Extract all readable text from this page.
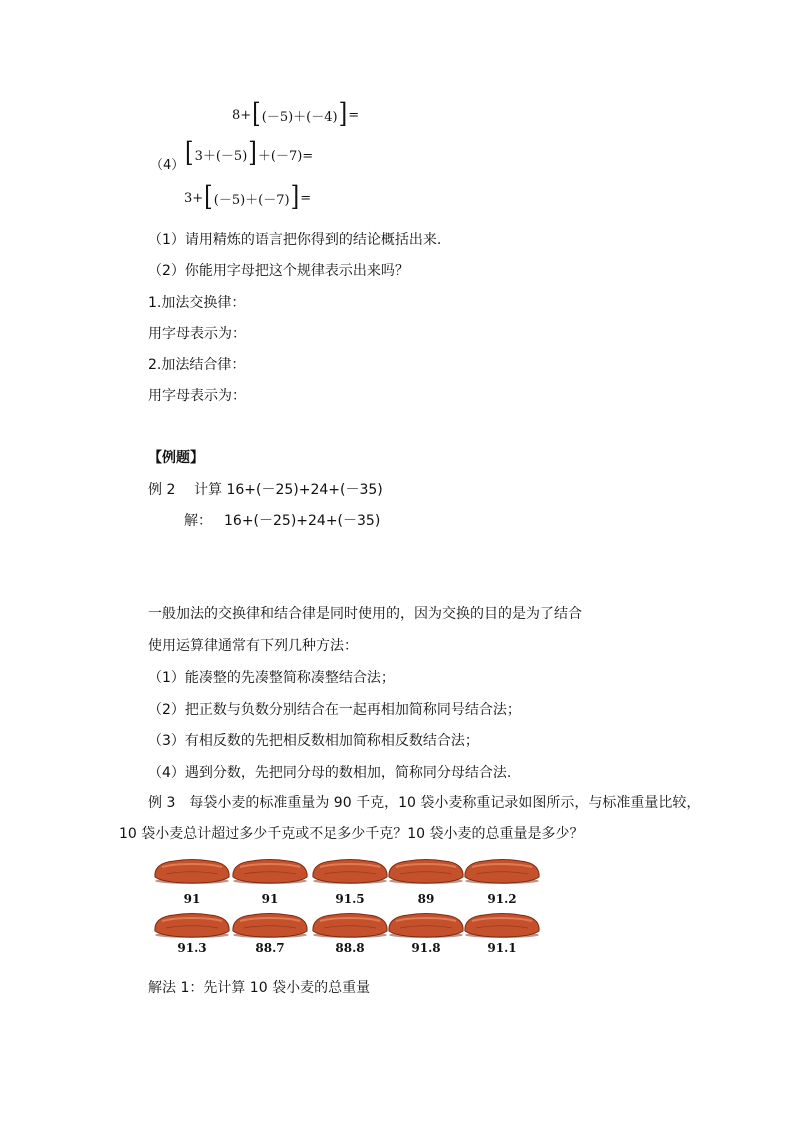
8+ [ (－5)＋(－4) ] =
（4） [ 3＋(－5) ] ＋(－7)=
3+ [ (－5)＋(－7) ] =
（1）请用精炼的语言把你得到的结论概括出来.
（2）你能用字母把这个规律表示出来吗？
1.加法交换律：
用字母表示为：
2.加法结合律：
用字母表示为：
【例题】
例 2 计算 16+(－25)+24+(－35)
解： 16+(－25)+24+(－35)
一般加法的交换律和结合律是同时使用的，因为交换的目的是为了结合
使用运算律通常有下列几种方法：
（1）能凑整的先凑整简称凑整结合法；
（2）把正数与负数分别结合在一起再相加简称同号结合法；
（3）有相反数的先把相反数相加简称相反数结合法；
（4）遇到分数，先把同分母的数相加，简称同分母结合法.
例 3　每袋小麦的标准重量为 90 千克，10 袋小麦称重记录如图所示，与标准重量比较，
10 袋小麦总计超过多少千克或不足多少千克？10 袋小麦的总重量是多少？
91	91	91.5	89	91.2
91.3	88.7	88.8	91.8	91.1
解法 1：先计算 10 袋小麦的总重量
